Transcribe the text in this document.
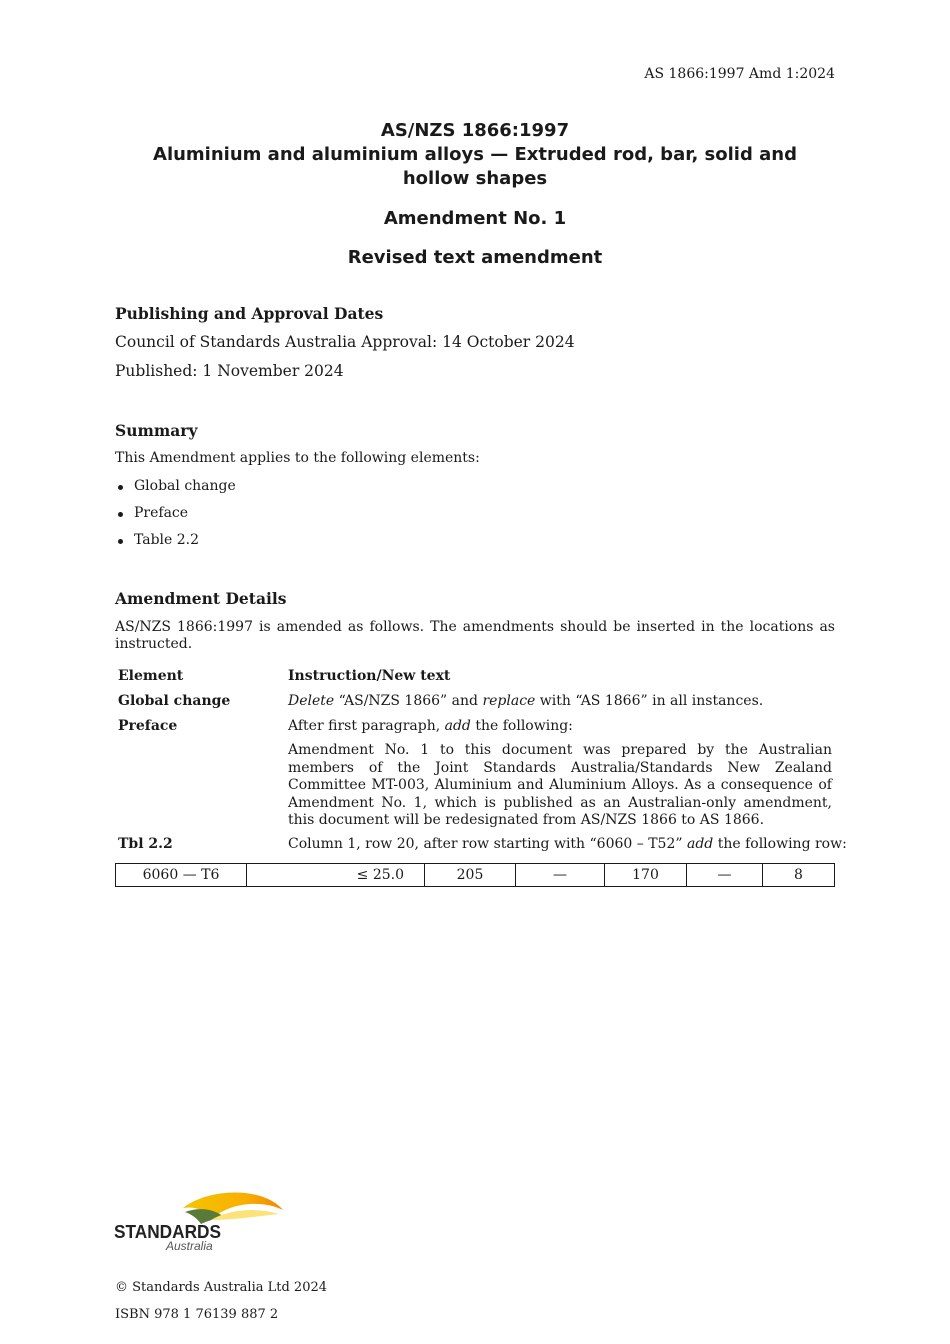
AS 1866:1997 Amd 1:2024
AS/NZS 1866:1997
Aluminium and aluminium alloys — Extruded rod, bar, solid and
hollow shapes
Amendment No. 1
Revised text amendment
Publishing and Approval Dates
Council of Standards Australia Approval: 14 October 2024
Published: 1 November 2024
Summary
This Amendment applies to the following elements:
Global change
Preface
Table 2.2
Amendment Details
AS/NZS 1866:1997 is amended as follows. The amendments should be inserted in the locations as instructed.
Element	Instruction/New text
Global change	Delete “AS/NZS 1866” and replace with “AS 1866” in all instances.
Preface	After first paragraph, add the following:
Amendment No. 1 to this document was prepared by the Australian members of the Joint Standards Australia/Standards New Zealand Committee MT-003, Aluminium and Aluminium Alloys. As a consequence of Amendment No. 1, which is published as an Australian-only amendment, this document will be redesignated from AS/NZS 1866 to AS 1866.
Tbl 2.2	Column 1, row 20, after row starting with “6060 – T52” add the following row:
6060 — T6	≤ 25.0	205	—	170	—	8
STANDARDS
Australia
© Standards Australia Ltd 2024
ISBN 978 1 76139 887 2
